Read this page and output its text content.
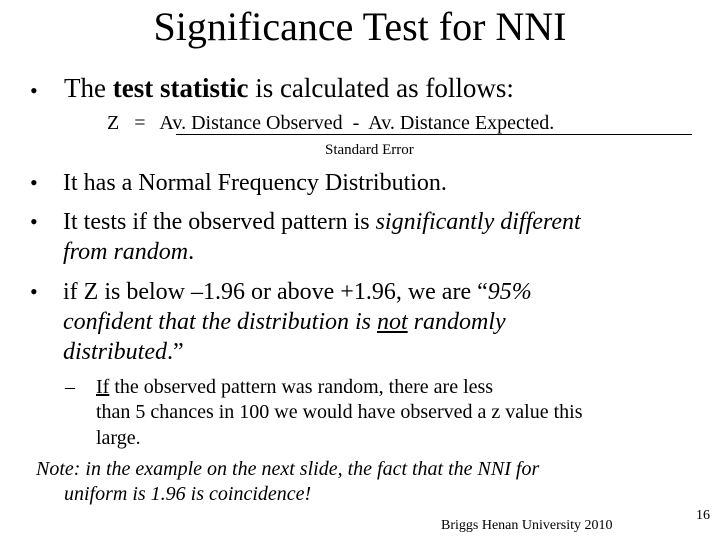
Significance Test for NNI
• The test statistic is calculated as follows:
Z   =   Av. Distance Observed  -  Av. Distance Expected.
Standard Error
• It has a Normal Frequency Distribution.
• It tests if the observed pattern is significantly different
from random.
• if Z is below –1.96 or above +1.96, we are “95%
confident that the distribution is not randomly
distributed.”
– If the observed pattern was random, there are less
than 5 chances in 100 we would have observed a z value this
large.
Note: in the example on the next slide, the fact that the NNI for
uniform is 1.96 is coincidence!
Briggs Henan University 2010
16
